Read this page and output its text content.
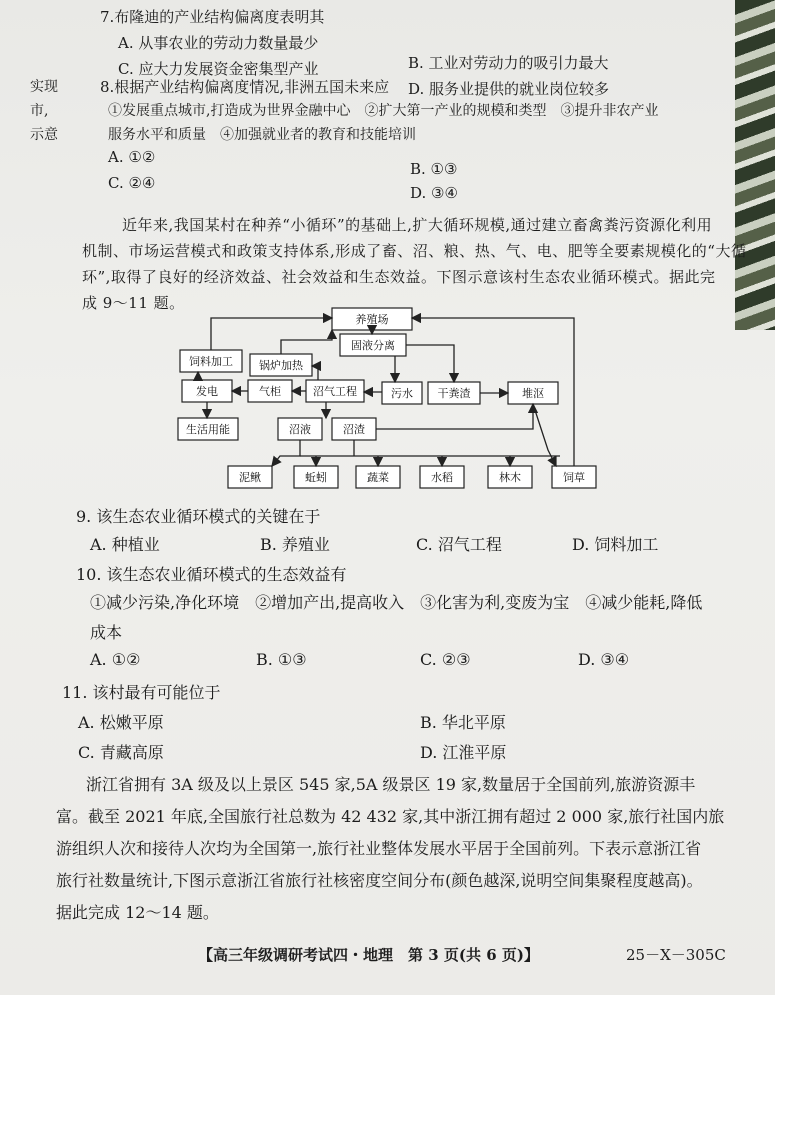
7.布隆迪的产业结构偏离度表明其
A. 从事农业的劳动力数量最少
B. 工业对劳动力的吸引力最大
C. 应大力发展资金密集型产业
D. 服务业提供的就业岗位较多
实现
市,
示意
8.根据产业结构偏离度情况,非洲五国未来应
①发展重点城市,打造成为世界金融中心　②扩大第一产业的规模和类型　③提升非农产业
服务水平和质量　④加强就业者的教育和技能培训
A. ①②
B. ①③
C. ②④
D. ③④
近年来,我国某村在种养“小循环”的基础上,扩大循环规模,通过建立畜禽粪污资源化利用
机制、市场运营模式和政策支持体系,形成了畜、沼、粮、热、气、电、肥等全要素规模化的“大循
环”,取得了良好的经济效益、社会效益和生态效益。下图示意该村生态农业循环模式。据此完
成 9～11 题。
养殖场
固液分离
饲料加工 锅炉加热
发电	气柜	沼气工程	污水 干粪渣	堆沤
生活用能	沼液	沼渣
泥鳅	蚯蚓	蔬菜	水稻	林木	饲草
9. 该生态农业循环模式的关键在于
A. 种植业	B. 养殖业	C. 沼气工程	D. 饲料加工
10. 该生态农业循环模式的生态效益有
①减少污染,净化环境　②增加产出,提高收入　③化害为利,变废为宝　④减少能耗,降低
成本
A. ①②	B. ①③	C. ②③	D. ③④
11. 该村最有可能位于
A. 松嫩平原	B. 华北平原
C. 青藏高原	D. 江淮平原
浙江省拥有 3A 级及以上景区 545 家,5A 级景区 19 家,数量居于全国前列,旅游资源丰
富。截至 2021 年底,全国旅行社总数为 42 432 家,其中浙江拥有超过 2 000 家,旅行社国内旅
游组织人次和接待人次均为全国第一,旅行社业整体发展水平居于全国前列。下表示意浙江省
旅行社数量统计,下图示意浙江省旅行社核密度空间分布(颜色越深,说明空间集聚程度越高)。
据此完成 12～14 题。
【高三年级调研考试四・地理　第 3 页(共 6 页)】	25－X－305C
